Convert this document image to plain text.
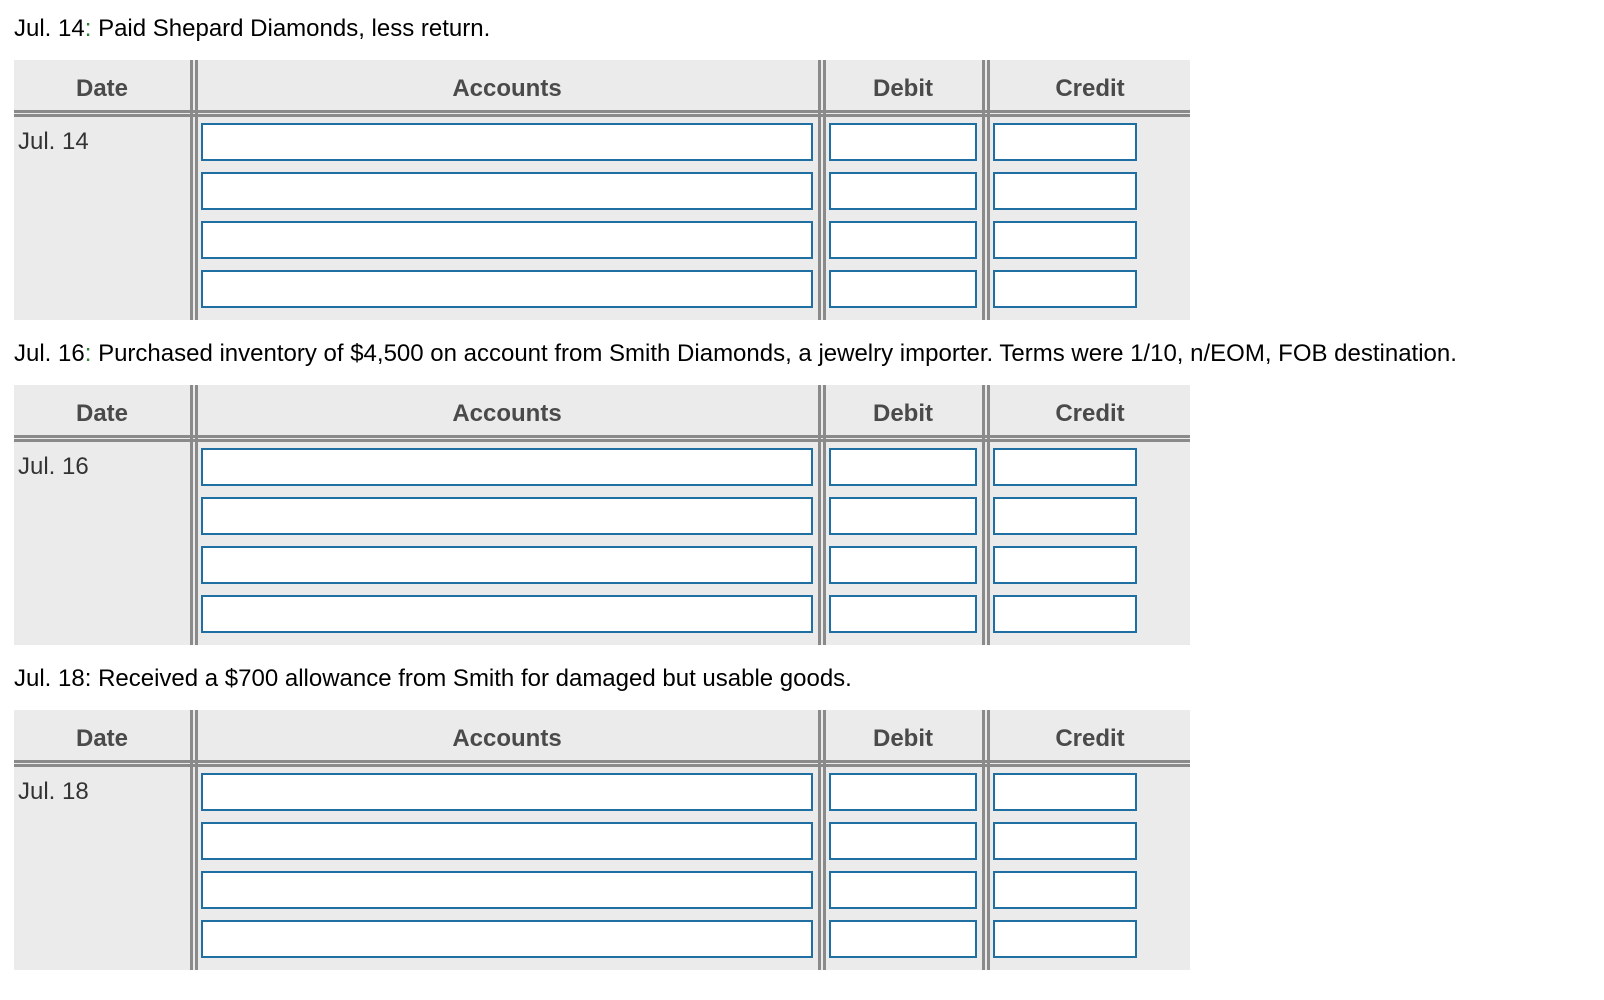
Jul. 14: Paid Shepard Diamonds, less return.
Date	Accounts	Debit	Credit
Jul. 14
Jul. 16: Purchased inventory of $4,500 on account from Smith Diamonds, a jewelry importer. Terms were 1/10, n/EOM, FOB destination.
Date	Accounts	Debit	Credit
Jul. 16
Jul. 18: Received a $700 allowance from Smith for damaged but usable goods.
Date	Accounts	Debit	Credit
Jul. 18
